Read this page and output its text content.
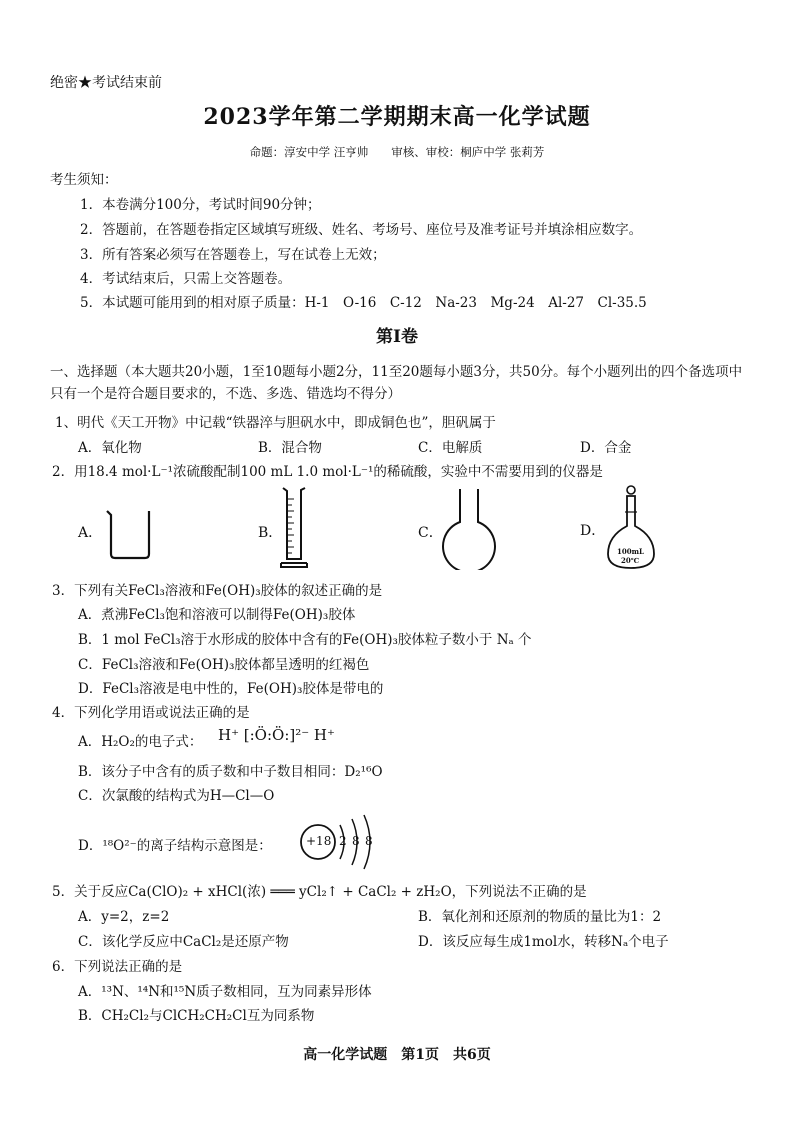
绝密★考试结束前
2023学年第二学期期末高一化学试题
命题：淳安中学 汪亨帅　　审核、审校：桐庐中学 张莉芳
考生须知：
1．本卷满分100分，考试时间90分钟；
2．答题前，在答题卷指定区域填写班级、姓名、考场号、座位号及准考证号并填涂相应数字。
3．所有答案必须写在答题卷上，写在试卷上无效；
4．考试结束后，只需上交答题卷。
5．本试题可能用到的相对原子质量：H-1　O-16　C-12　Na-23　Mg-24　Al-27　Cl-35.5
第Ⅰ卷
一、选择题（本大题共20小题，1至10题每小题2分，11至20题每小题3分，共50分。每个小题列出的四个备选项中只有一个是符合题目要求的，不选、多选、错选均不得分）
1、明代《天工开物》中记载“铁器淬与胆矾水中，即成铜色也”，胆矾属于
A．氧化物	B．混合物	C．电解质	D．合金
2．用18.4 mol·L⁻¹浓硫酸配制100 mL 1.0 mol·L⁻¹的稀硫酸，实验中不需要用到的仪器是
A．	B．	C．	D．
100mL
20℃
3．下列有关FeCl₃溶液和Fe(OH)₃胶体的叙述正确的是
A．煮沸FeCl₃饱和溶液可以制得Fe(OH)₃胶体
B．1 mol FeCl₃溶于水形成的胶体中含有的Fe(OH)₃胶体粒子数小于 Nₐ 个
C．FeCl₃溶液和Fe(OH)₃胶体都呈透明的红褐色
D．FeCl₃溶液是电中性的，Fe(OH)₃胶体是带电的
4．下列化学用语或说法正确的是
A．H₂O₂的电子式： H⁺ [:Ö:Ö:]²⁻ H⁺
B．该分子中含有的质子数和中子数目相同：D₂¹⁶O
C．次氯酸的结构式为H—Cl—O
D．¹⁸O²⁻的离子结构示意图是：	+18 2 8 8
5．关于反应Ca(ClO)₂ + xHCl(浓) ═══ yCl₂↑ + CaCl₂ + zH₂O，下列说法不正确的是
A．y=2，z=2	B．氧化剂和还原剂的物质的量比为1：2
C．该化学反应中CaCl₂是还原产物	D．该反应每生成1mol水，转移Nₐ个电子
6．下列说法正确的是
A．¹³N、¹⁴N和¹⁵N质子数相同，互为同素异形体
B．CH₂Cl₂与ClCH₂CH₂Cl互为同系物
高一化学试题　第1页　共6页
